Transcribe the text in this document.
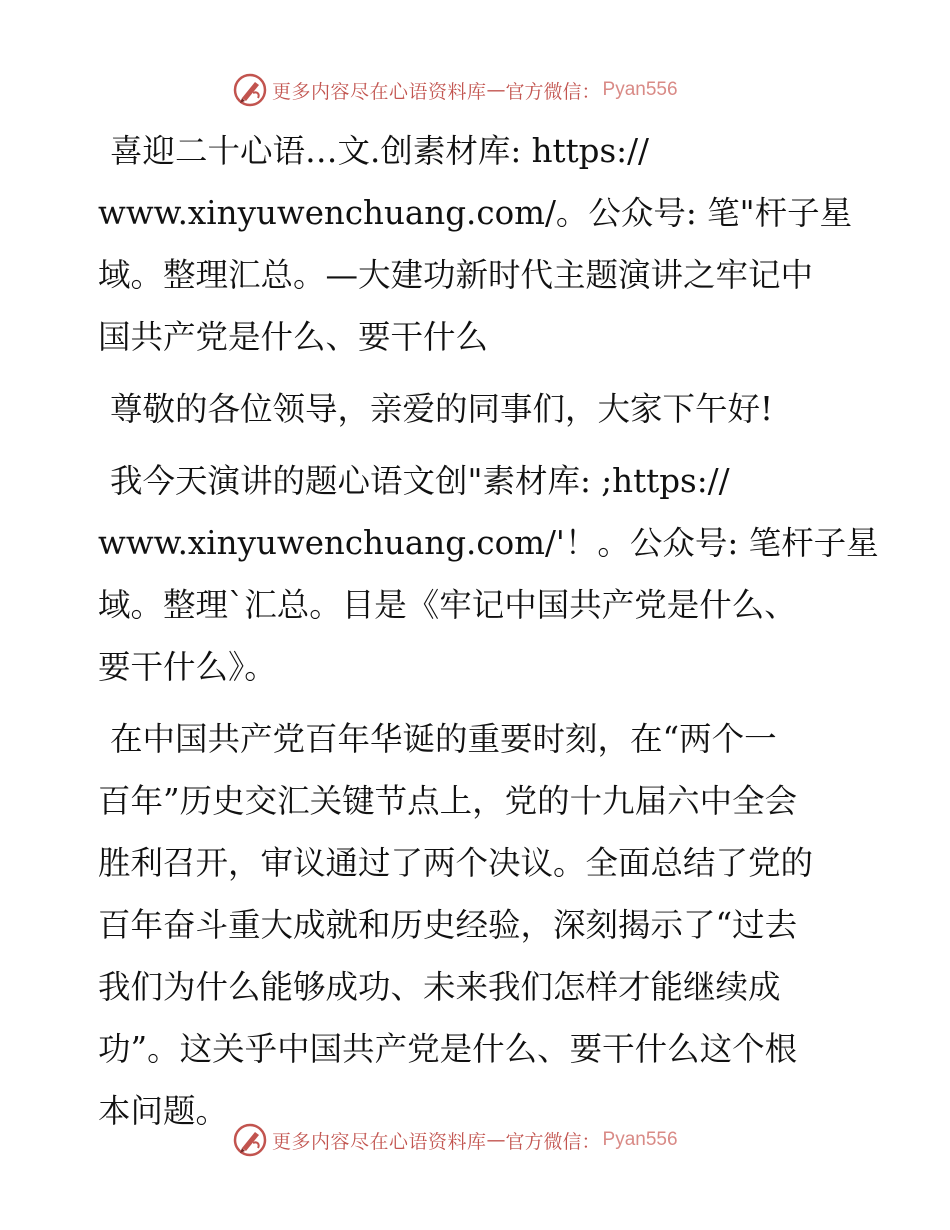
更多内容尽在心语资料库 — 官方微信： Pyan556

喜迎二十心语…文.创素材库: https://
www.xinyuwenchuang.com/。公众号: 笔"杆子星
域。整理汇总。—大建功新时代主题演讲之牢记中
国共产党是什么、要干什么

尊敬的各位领导，亲爱的同事们，大家下午好!

我今天演讲的题心语文创"素材库: ;https://
www.xinyuwenchuang.com/'！。公众号: 笔杆子星
域。整理`汇总。目是《牢记中国共产党是什么、
要干什么》。

在中国共产党百年华诞的重要时刻，在“两个一
百年”历史交汇关键节点上，党的十九届六中全会
胜利召开，审议通过了两个决议。全面总结了党的
百年奋斗重大成就和历史经验，深刻揭示了“过去
我们为什么能够成功、未来我们怎样才能继续成
功”。这关乎中国共产党是什么、要干什么这个根
本问题。

更多内容尽在心语资料库 — 官方微信： Pyan556
